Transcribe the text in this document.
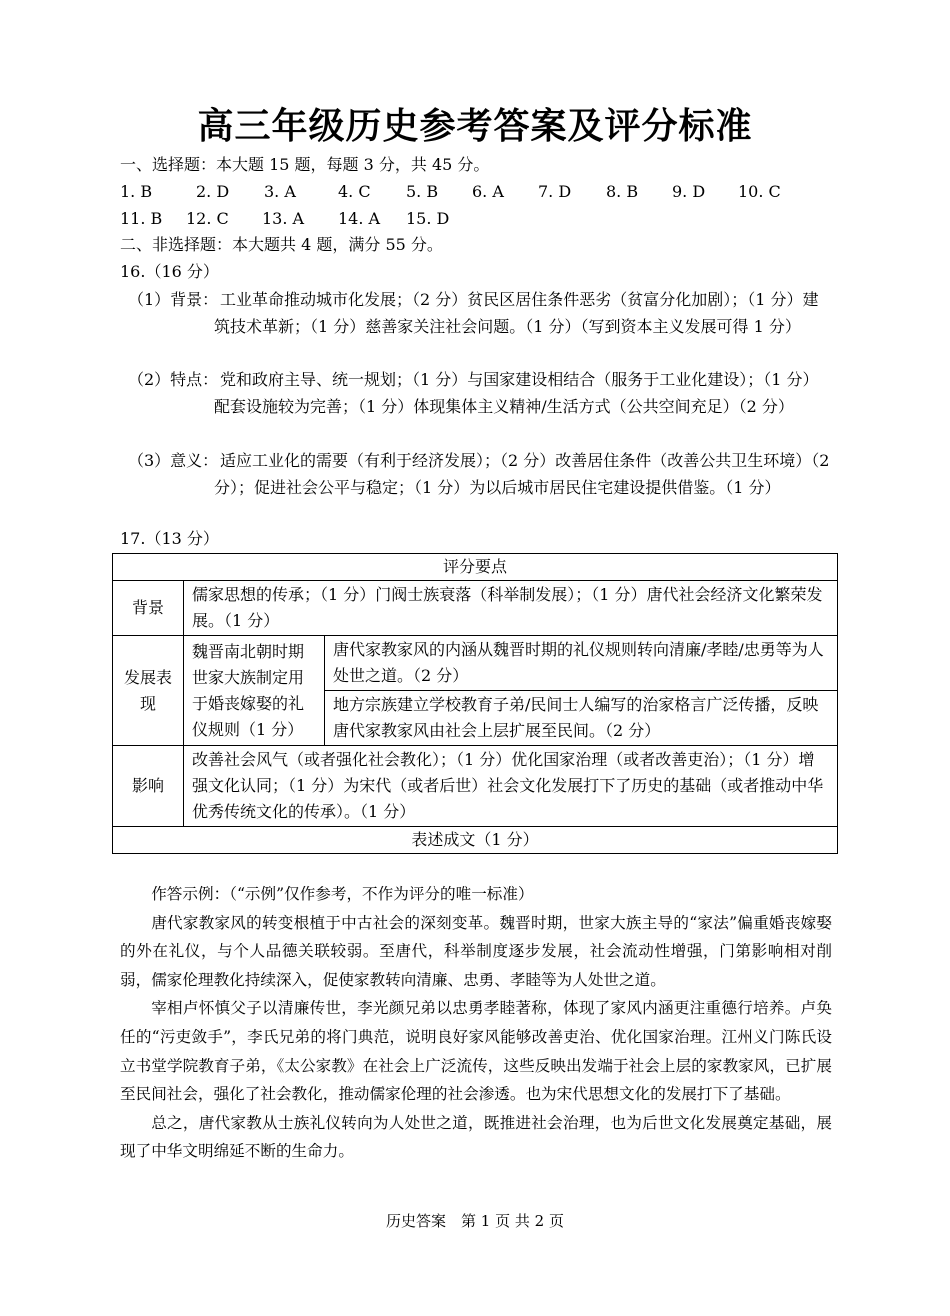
高三年级历史参考答案及评分标准
一、选择题：本大题 15 题，每题 3 分，共 45 分。
1. B	2. D 3. A	4. C 5. B 6. A 7. D 8. B 9. D 10. C
11. B 12. C 13. A 14. A 15. D
二、非选择题：本大题共 4 题，满分 55 分。
16.（16 分）
（1）背景： 工业革命推动城市化发展；（2 分）贫民区居住条件恶劣（贫富分化加剧）；（1 分）建筑技术革新；（1 分）慈善家关注社会问题。（1 分）（写到资本主义发展可得 1 分）
（2）特点： 党和政府主导、统一规划；（1 分）与国家建设相结合（服务于工业化建设）；（1 分）配套设施较为完善；（1 分）体现集体主义精神/生活方式（公共空间充足）（2 分）
（3）意义： 适应工业化的需要（有利于经济发展）；（2 分）改善居住条件（改善公共卫生环境）（2 分）；促进社会公平与稳定；（1 分）为以后城市居民住宅建设提供借鉴。（1 分）
17.（13 分）
评分要点		
背景	儒家思想的传承；（1 分）门阀士族衰落（科举制发展）；（1 分）唐代社会经济文化繁荣发展。（1 分）	
发展表现	魏晋南北朝时期世家大族制定用于婚丧嫁娶的礼仪规则（1 分）	唐代家教家风的内涵从魏晋时期的礼仪规则转向清廉/孝睦/忠勇等为人处世之道。（2 分）
		地方宗族建立学校教育子弟/民间士人编写的治家格言广泛传播，反映唐代家教家风由社会上层扩展至民间。（2 分）
影响	改善社会风气（或者强化社会教化）；（1 分）优化国家治理（或者改善吏治）；（1 分）增强文化认同；（1 分）为宋代（或者后世）社会文化发展打下了历史的基础（或者推动中华优秀传统文化的传承）。（1 分）	
表述成文（1 分）		

作答示例：（“示例”仅作参考，不作为评分的唯一标准）

唐代家教家风的转变根植于中古社会的深刻变革。魏晋时期，世家大族主导的“家法”偏重婚丧嫁娶的外在礼仪，与个人品德关联较弱。至唐代，科举制度逐步发展，社会流动性增强，门第影响相对削弱，儒家伦理教化持续深入，促使家教转向清廉、忠勇、孝睦等为人处世之道。

宰相卢怀慎父子以清廉传世，李光颜兄弟以忠勇孝睦著称，体现了家风内涵更注重德行培养。卢奂任的“污吏敛手”，李氏兄弟的将门典范，说明良好家风能够改善吏治、优化国家治理。江州义门陈氏设立书堂学院教育子弟，《太公家教》在社会上广泛流传，这些反映出发端于社会上层的家教家风，已扩展至民间社会，强化了社会教化，推动儒家伦理的社会渗透。也为宋代思想文化的发展打下了基础。

总之，唐代家教从士族礼仪转向为人处世之道，既推进社会治理，也为后世文化发展奠定基础，展现了中华文明绵延不断的生命力。

历史答案　第 1 页 共 2 页
